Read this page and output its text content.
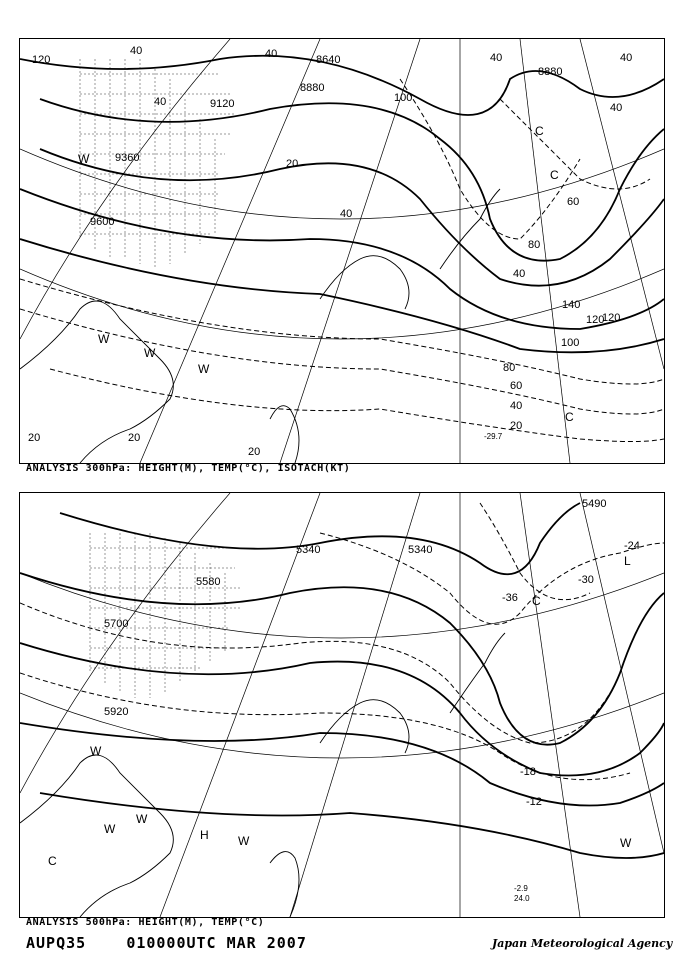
120
40	40
40	100
40
20
40
60
80
40
120
140
120
100
80
60
40
20
20	20
20
40
40
8640
8880
9120
9360
9600
8880
-29.7
W
W
W
W
C
C
C
ANALYSIS 300hPa: HEIGHT(M), TEMP(°C), ISOTACH(KT)
5490
5340	5340
5700
5580
5920
-24
-30
-36
-18
-12
L
C
W
W
W
H
W
C
W
-2.9
24.0
ANALYSIS 500hPa: HEIGHT(M), TEMP(°C)
AUPQ35	010000UTC MAR 2007	Japan Meteorological Agency
